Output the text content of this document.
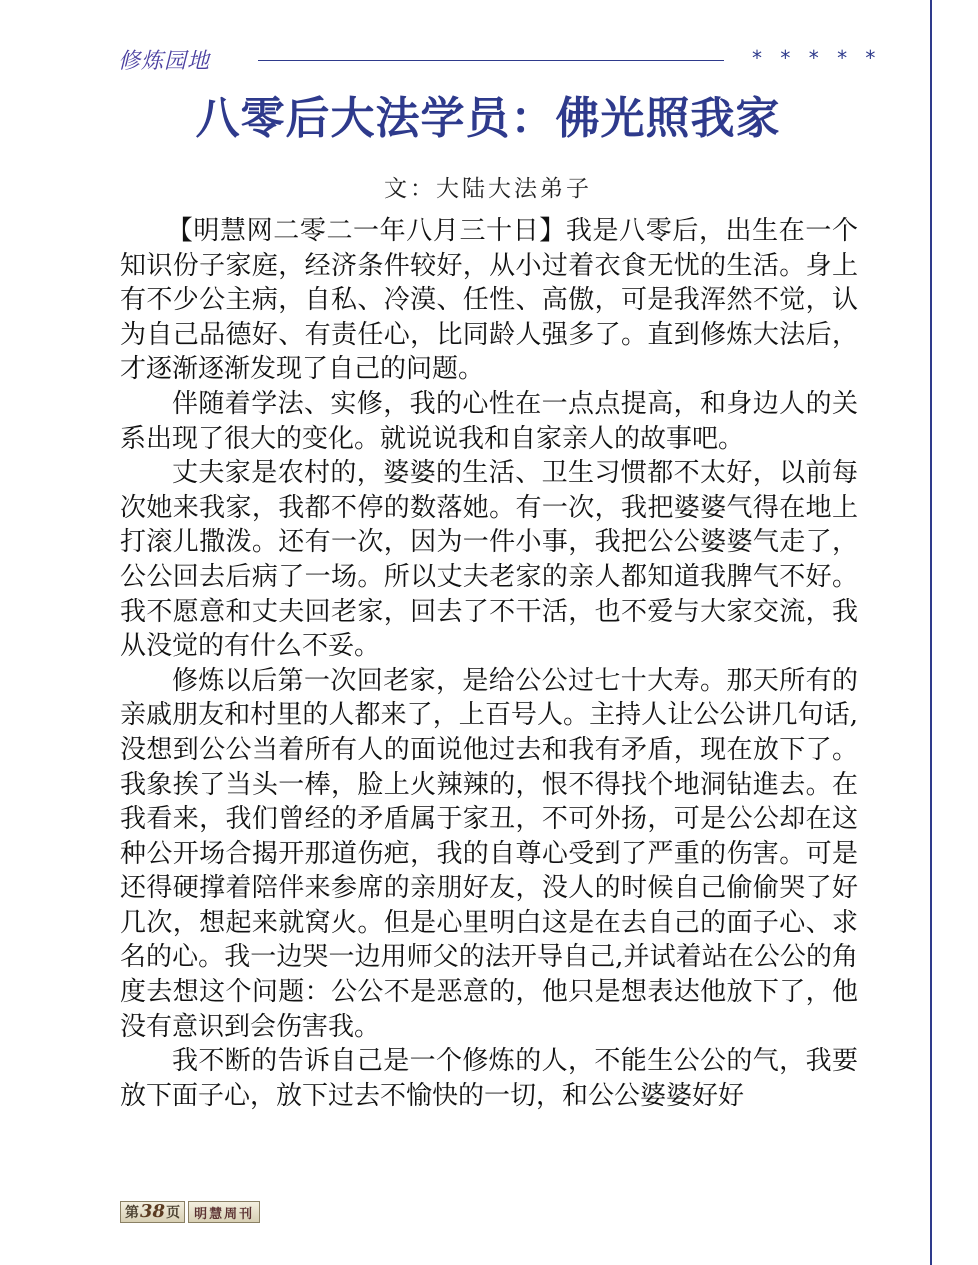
修炼园地	* * * * *
八零后大法学员：佛光照我家
文：大陆大法弟子

【明慧网二零二一年八月三十日】我是八零后，出生在一个知识份子家庭，经济条件较好，从小过着衣食无忧的生活。身上有不少公主病，自私、冷漠、任性、高傲，可是我浑然不觉，认为自己品德好、有责任心，比同龄人强多了。直到修炼大法后，才逐渐逐渐发现了自己的问题。

伴随着学法、实修，我的心性在一点点提高，和身边人的关系出现了很大的变化。就说说我和自家亲人的故事吧。

丈夫家是农村的，婆婆的生活、卫生习惯都不太好，以前每次她来我家，我都不停的数落她。有一次，我把婆婆气得在地上打滚儿撒泼。还有一次，因为一件小事，我把公公婆婆气走了，公公回去后病了一场。所以丈夫老家的亲人都知道我脾气不好。我不愿意和丈夫回老家，回去了不干活，也不爱与大家交流，我从没觉的有什么不妥。

修炼以后第一次回老家，是给公公过七十大寿。那天所有的亲戚朋友和村里的人都来了，上百号人。主持人让公公讲几句话,没想到公公当着所有人的面说他过去和我有矛盾，现在放下了。我象挨了当头一棒，脸上火辣辣的，恨不得找个地洞钻進去。在我看来，我们曾经的矛盾属于家丑，不可外扬，可是公公却在这种公开场合揭开那道伤疤，我的自尊心受到了严重的伤害。可是还得硬撑着陪伴来参席的亲朋好友，没人的时候自己偷偷哭了好几次，想起来就窝火。但是心里明白这是在去自己的面子心、求名的心。我一边哭一边用师父的法开导自己,并试着站在公公的角度去想这个问题：公公不是恶意的，他只是想表达他放下了，他没有意识到会伤害我。

我不断的告诉自己是一个修炼的人，不能生公公的气，我要放下面子心，放下过去不愉快的一切，和公公婆婆好好

第 38 页	明慧周刊
